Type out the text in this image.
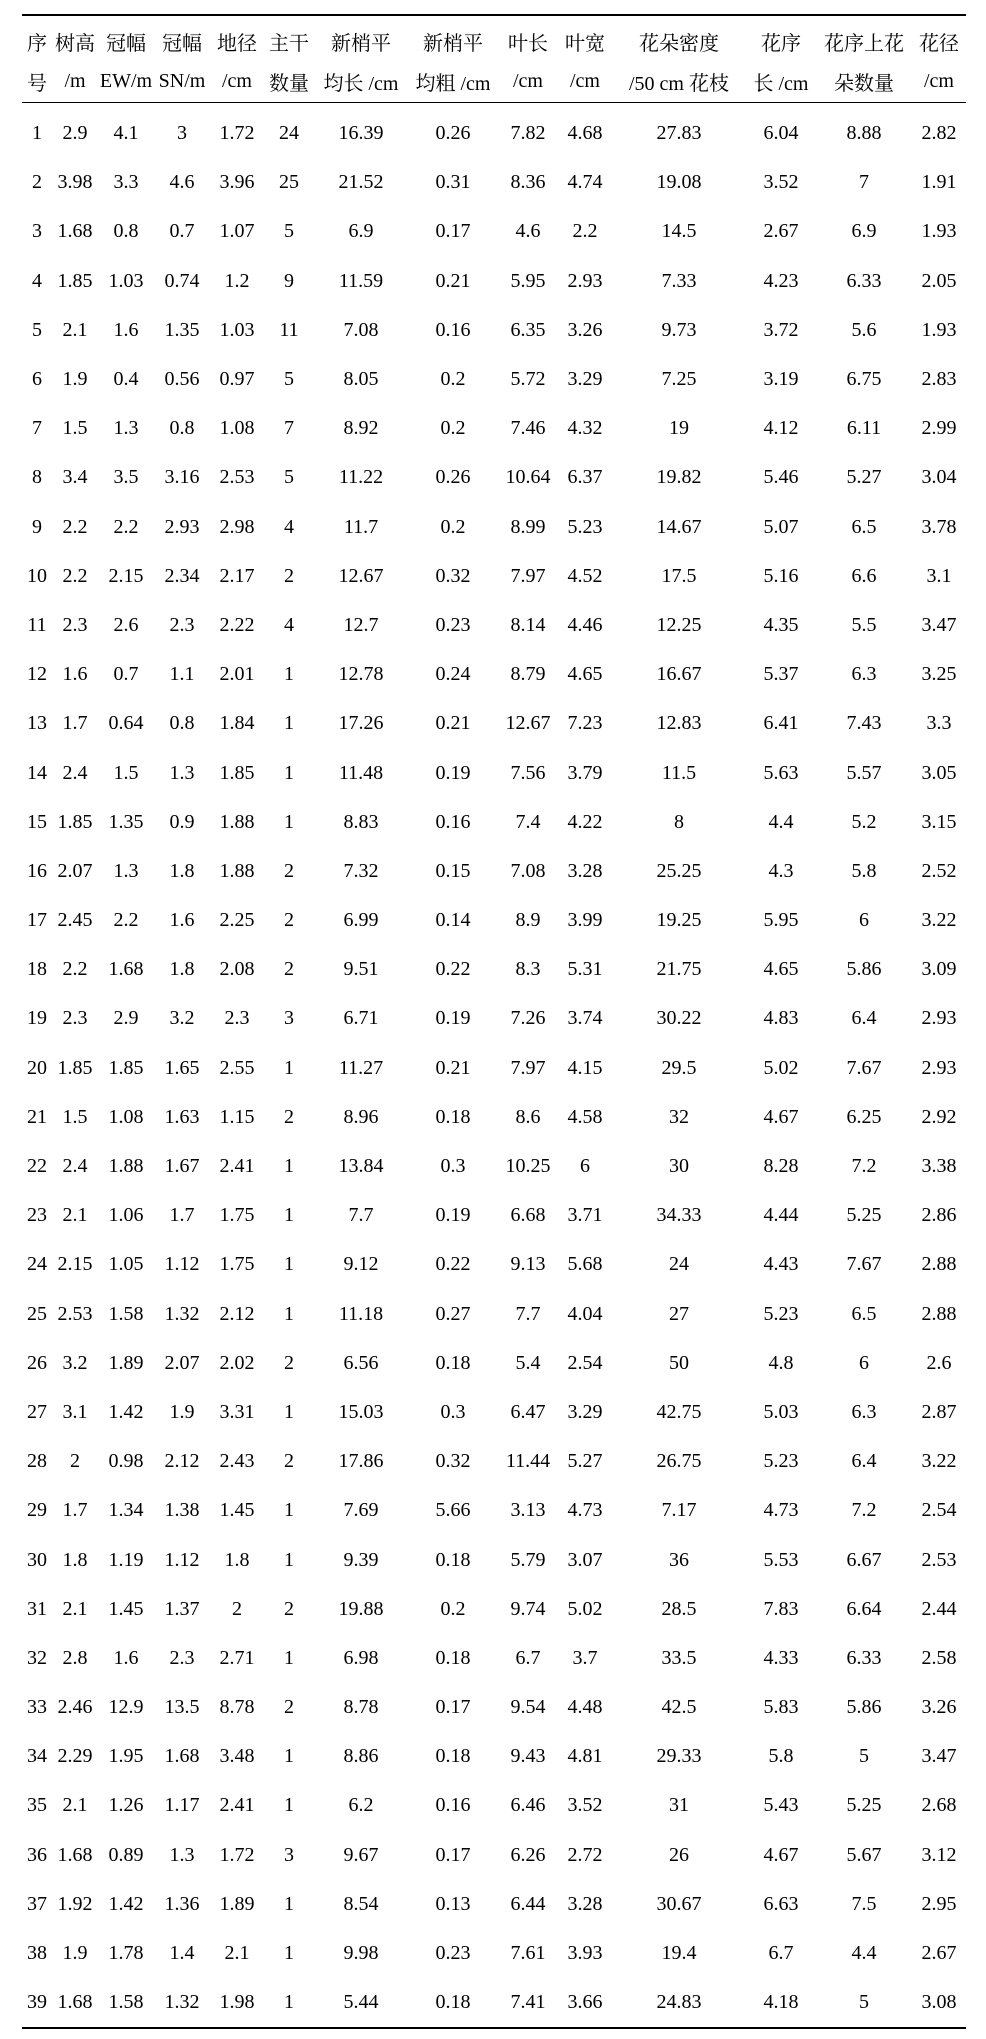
序	树高	冠幅	冠幅	地径	主干	新梢平	新梢平	叶长	叶宽	花朵密度	花序	花序上花	花径
号	/m	EW/m	SN/m	/cm	数量	均长 /cm	均粗 /cm	/cm	/cm	/50 cm 花枝	长 /cm	朵数量	/cm
1	2.9	4.1	3	1.72	24	16.39	0.26	7.82	4.68	27.83	6.04	8.88	2.82
2	3.98	3.3	4.6	3.96	25	21.52	0.31	8.36	4.74	19.08	3.52	7	1.91
3	1.68	0.8	0.7	1.07	5	6.9	0.17	4.6	2.2	14.5	2.67	6.9	1.93
4	1.85	1.03	0.74	1.2	9	11.59	0.21	5.95	2.93	7.33	4.23	6.33	2.05
5	2.1	1.6	1.35	1.03	11	7.08	0.16	6.35	3.26	9.73	3.72	5.6	1.93
6	1.9	0.4	0.56	0.97	5	8.05	0.2	5.72	3.29	7.25	3.19	6.75	2.83
7	1.5	1.3	0.8	1.08	7	8.92	0.2	7.46	4.32	19	4.12	6.11	2.99
8	3.4	3.5	3.16	2.53	5	11.22	0.26	10.64	6.37	19.82	5.46	5.27	3.04
9	2.2	2.2	2.93	2.98	4	11.7	0.2	8.99	5.23	14.67	5.07	6.5	3.78
10	2.2	2.15	2.34	2.17	2	12.67	0.32	7.97	4.52	17.5	5.16	6.6	3.1
11	2.3	2.6	2.3	2.22	4	12.7	0.23	8.14	4.46	12.25	4.35	5.5	3.47
12	1.6	0.7	1.1	2.01	1	12.78	0.24	8.79	4.65	16.67	5.37	6.3	3.25
13	1.7	0.64	0.8	1.84	1	17.26	0.21	12.67	7.23	12.83	6.41	7.43	3.3
14	2.4	1.5	1.3	1.85	1	11.48	0.19	7.56	3.79	11.5	5.63	5.57	3.05
15	1.85	1.35	0.9	1.88	1	8.83	0.16	7.4	4.22	8	4.4	5.2	3.15
16	2.07	1.3	1.8	1.88	2	7.32	0.15	7.08	3.28	25.25	4.3	5.8	2.52
17	2.45	2.2	1.6	2.25	2	6.99	0.14	8.9	3.99	19.25	5.95	6	3.22
18	2.2	1.68	1.8	2.08	2	9.51	0.22	8.3	5.31	21.75	4.65	5.86	3.09
19	2.3	2.9	3.2	2.3	3	6.71	0.19	7.26	3.74	30.22	4.83	6.4	2.93
20	1.85	1.85	1.65	2.55	1	11.27	0.21	7.97	4.15	29.5	5.02	7.67	2.93
21	1.5	1.08	1.63	1.15	2	8.96	0.18	8.6	4.58	32	4.67	6.25	2.92
22	2.4	1.88	1.67	2.41	1	13.84	0.3	10.25	6	30	8.28	7.2	3.38
23	2.1	1.06	1.7	1.75	1	7.7	0.19	6.68	3.71	34.33	4.44	5.25	2.86
24	2.15	1.05	1.12	1.75	1	9.12	0.22	9.13	5.68	24	4.43	7.67	2.88
25	2.53	1.58	1.32	2.12	1	11.18	0.27	7.7	4.04	27	5.23	6.5	2.88
26	3.2	1.89	2.07	2.02	2	6.56	0.18	5.4	2.54	50	4.8	6	2.6
27	3.1	1.42	1.9	3.31	1	15.03	0.3	6.47	3.29	42.75	5.03	6.3	2.87
28	2	0.98	2.12	2.43	2	17.86	0.32	11.44	5.27	26.75	5.23	6.4	3.22
29	1.7	1.34	1.38	1.45	1	7.69	5.66	3.13	4.73	7.17	4.73	7.2	2.54
30	1.8	1.19	1.12	1.8	1	9.39	0.18	5.79	3.07	36	5.53	6.67	2.53
31	2.1	1.45	1.37	2	2	19.88	0.2	9.74	5.02	28.5	7.83	6.64	2.44
32	2.8	1.6	2.3	2.71	1	6.98	0.18	6.7	3.7	33.5	4.33	6.33	2.58
33	2.46	12.9	13.5	8.78	2	8.78	0.17	9.54	4.48	42.5	5.83	5.86	3.26
34	2.29	1.95	1.68	3.48	1	8.86	0.18	9.43	4.81	29.33	5.8	5	3.47
35	2.1	1.26	1.17	2.41	1	6.2	0.16	6.46	3.52	31	5.43	5.25	2.68
36	1.68	0.89	1.3	1.72	3	9.67	0.17	6.26	2.72	26	4.67	5.67	3.12
37	1.92	1.42	1.36	1.89	1	8.54	0.13	6.44	3.28	30.67	6.63	7.5	2.95
38	1.9	1.78	1.4	2.1	1	9.98	0.23	7.61	3.93	19.4	6.7	4.4	2.67
39	1.68	1.58	1.32	1.98	1	5.44	0.18	7.41	3.66	24.83	4.18	5	3.08
